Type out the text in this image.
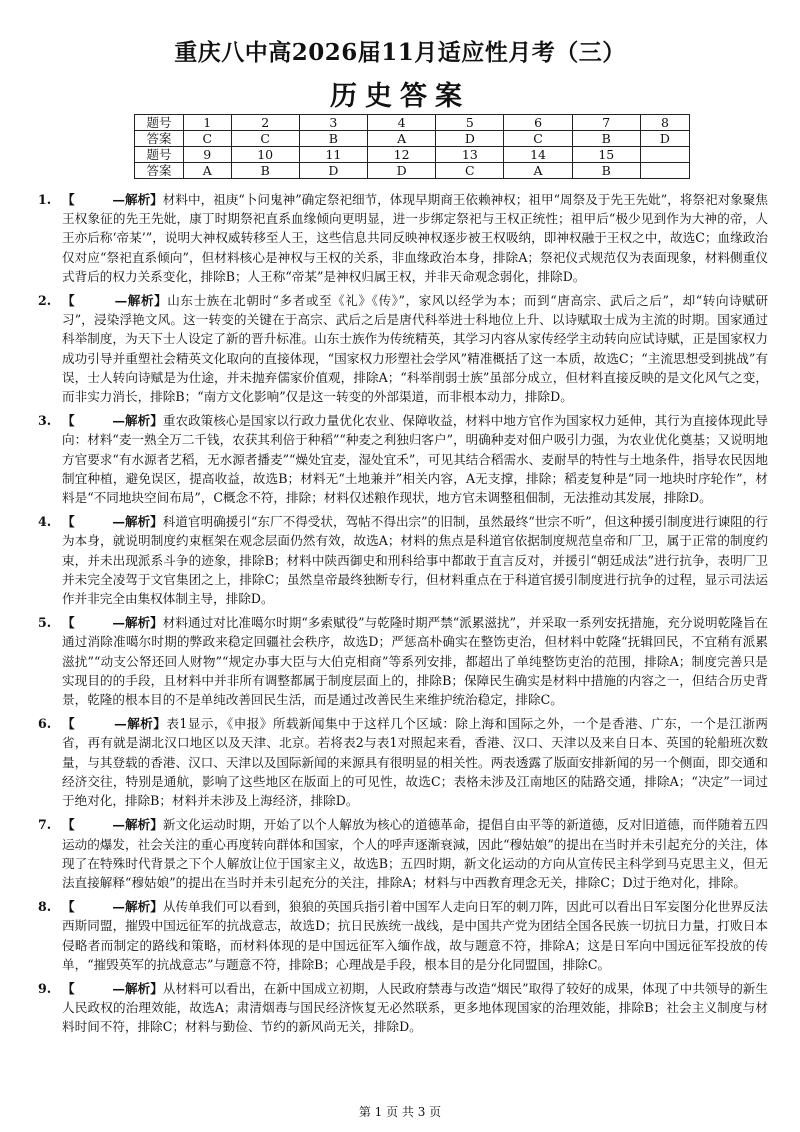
重庆八中高2026届11月适应性月考（三）
历史答案
题号	1	2	3	4	5	6	7	8
答案	C	C	B	A	D	C	B	D
题号	9	10	11	12	13	14	15	
答案	A	B	D	D	C	A	B	
1. 【　　　—解析】材料中，祖庚“卜问鬼神”确定祭祀细节，体现早期商王依赖神权；祖甲“周祭及于先王先妣”，将祭祀对象聚焦王权象征的先王先妣，康丁时期祭祀直系血缘倾向更明显，进一步绑定祭祀与王权正统性；祖甲后“极少见到作为大神的帝，人王亦后称‘帝某’”，说明大神权威转移至人王，这些信息共同反映神权逐步被王权吸纳，即神权融于王权之中，故选C；血缘政治仅对应“祭祀直系倾向”，但材料核心是神权与王权的关系，非血缘政治本身，排除A；祭祀仪式规范仅为表面现象，材料侧重仪式背后的权力关系变化，排除B；人王称“帝某”是神权归属王权，并非天命观念弱化，排除D。
2. 【　　　—解析】山东士族在北朝时“多者或至《礼》《传》”，家风以经学为本；而到“唐高宗、武后之后”，却“转向诗赋研习”，浸染浮艳文风。这一转变的关键在于高宗、武后之后是唐代科举进士科地位上升、以诗赋取士成为主流的时期。国家通过科举制度，为天下士人设定了新的晋升标准。山东士族作为传统精英，其学习内容从家传经学主动转向应试诗赋，正是国家权力成功引导并重塑社会精英文化取向的直接体现，“国家权力形塑社会学风”精准概括了这一本质，故选C；“主流思想受到挑战”有误，士人转向诗赋是为仕途，并未抛弃儒家价值观，排除A；“科举削弱士族”虽部分成立，但材料直接反映的是文化风气之变，而非实力消长，排除B；“南方文化影响”仅是这一转变的外部渠道，而非根本动力，排除D。
3. 【　　　—解析】重农政策核心是国家以行政力量优化农业、保障收益，材料中地方官作为国家权力延伸，其行为直接体现此导向：材料“麦一熟全万二千钱，农获其利倍于种稻”“种麦之利独归客户”，明确种麦对佃户吸引力强，为农业优化奠基；又说明地方官要求“有水源者艺稻，无水源者播麦”“燥处宜麦，湿处宜禾”，可见其结合稻需水、麦耐旱的特性与土地条件，指导农民因地制宜种植，避免误区，提高收益，故选B；材料无“土地兼并”相关内容，A无支撑，排除；稻麦复种是“同一地块时序轮作”，材料是“不同地块空间布局”，C概念不符，排除；材料仅述粮作现状，地方官未调整租佃制，无法推动其发展，排除D。
4. 【　　　—解析】科道官明确援引“东厂不得受状，驾帖不得出宗”的旧制，虽然最终“世宗不听”，但这种援引制度进行谏阻的行为本身，就说明制度约束框架在观念层面仍然有效，故选A；材料的焦点是科道官依据制度规范皇帝和厂卫，属于正常的制度约束，并未出现派系斗争的迹象，排除B；材料中陕西御史和刑科给事中都敢于直言反对，并援引“朝廷成法”进行抗争，表明厂卫并未完全凌驾于文官集团之上，排除C；虽然皇帝最终独断专行，但材料重点在于科道官援引制度进行抗争的过程，显示司法运作并非完全由集权体制主导，排除D。
5. 【　　　—解析】材料通过对比准噶尔时期“多索赋役”与乾隆时期严禁“派累滋扰”，并采取一系列安抚措施，充分说明乾隆旨在通过消除准噶尔时期的弊政来稳定回疆社会秩序，故选D；严惩高朴确实在整饬吏治，但材料中乾隆“抚辑回民，不宜稍有派累滋扰”“动支公帑还回人财物”“规定办事大臣与大伯克相商”等系列安排，都超出了单纯整饬吏治的范围，排除A；制度完善只是实现目的的手段，且材料中并非所有调整都属于制度层面上的，排除B；保障民生确实是材料中措施的内容之一，但结合历史背景，乾隆的根本目的不是单纯改善回民生活，而是通过改善民生来维护统治稳定，排除C。
6. 【　　　—解析】表1显示，《申报》所载新闻集中于这样几个区域：除上海和国际之外，一个是香港、广东，一个是江浙两省，再有就是湖北汉口地区以及天津、北京。若将表2与表1对照起来看，香港、汉口、天津以及来自日本、英国的轮船班次数量，与其登载的香港、汉口、天津以及国际新闻的来源具有很明显的相关性。两表透露了版面安排新闻的另一个侧面，即交通和经济交往，特别是通航，影响了这些地区在版面上的可见性，故选C；表格未涉及江南地区的陆路交通，排除A；“决定”一词过于绝对化，排除B；材料并未涉及上海经济，排除D。
7. 【　　　—解析】新文化运动时期，开始了以个人解放为核心的道德革命，提倡自由平等的新道德，反对旧道德，而伴随着五四运动的爆发，社会关注的重心再度转向群体和国家，个人的呼声逐渐衰減，因此“穆姑娘”的提出在当时并未引起充分的关注，体现了在特殊时代背景之下个人解放让位于国家主义，故选B；五四时期，新文化运动的方向从宣传民主科学到马克思主义，但无法直接解释“穆姑娘”的提出在当时并未引起充分的关注，排除A；材料与中西教育理念无关，排除C；D过于绝对化，排除。
8. 【　　　—解析】从传单我们可以看到，狼狼的英国兵指引着中国军人走向日军的刺刀阵，因此可以看出日军妄图分化世界反法西斯同盟，摧毁中国远征军的抗战意志，故选D；抗日民族统一战线，是中国共产党为团结全国各民族一切抗日力量，打败日本侵略者而制定的路线和策略，而材料体现的是中国远征军入缅作战，故与题意不符，排除A；这是日军向中国远征军投放的传单，“摧毁英军的抗战意志”与题意不符，排除B；心理战是手段，根本目的是分化同盟国，排除C。
9. 【　　　—解析】从材料可以看出，在新中国成立初期，人民政府禁毒与改造“烟民”取得了较好的成果，体现了中共领导的新生人民政权的治理效能，故选A；肃清烟毒与国民经济恢复无必然联系，更多地体现国家的治理效能，排除B；社会主义制度与材料时间不符，排除C；材料与勤俭、节约的新风尚无关，排除D。
第 1 页 共 3 页
